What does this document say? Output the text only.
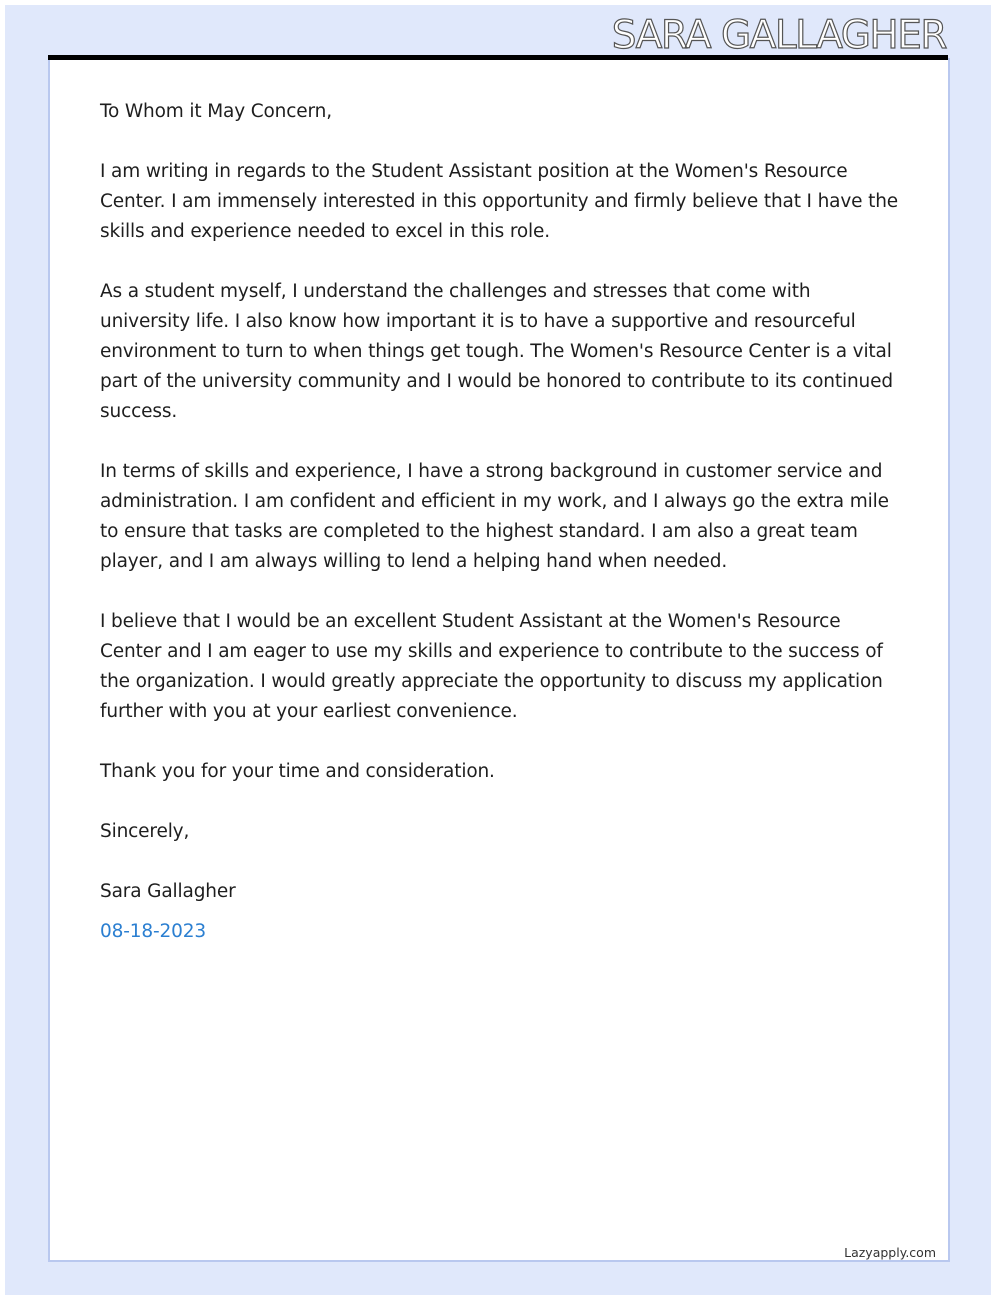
SARA GALLAGHER

To Whom it May Concern,

I am writing in regards to the Student Assistant position at the Women's Resource Center. I am immensely interested in this opportunity and firmly believe that I have the skills and experience needed to excel in this role.

As a student myself, I understand the challenges and stresses that come with university life. I also know how important it is to have a supportive and resourceful environment to turn to when things get tough. The Women's Resource Center is a vital part of the university community and I would be honored to contribute to its continued success.

In terms of skills and experience, I have a strong background in customer service and administration. I am confident and efficient in my work, and I always go the extra mile to ensure that tasks are completed to the highest standard. I am also a great team player, and I am always willing to lend a helping hand when needed.

I believe that I would be an excellent Student Assistant at the Women's Resource Center and I am eager to use my skills and experience to contribute to the success of the organization. I would greatly appreciate the opportunity to discuss my application further with you at your earliest convenience.

Thank you for your time and consideration.

Sincerely,

Sara Gallagher

08-18-2023

Lazyapply.com
